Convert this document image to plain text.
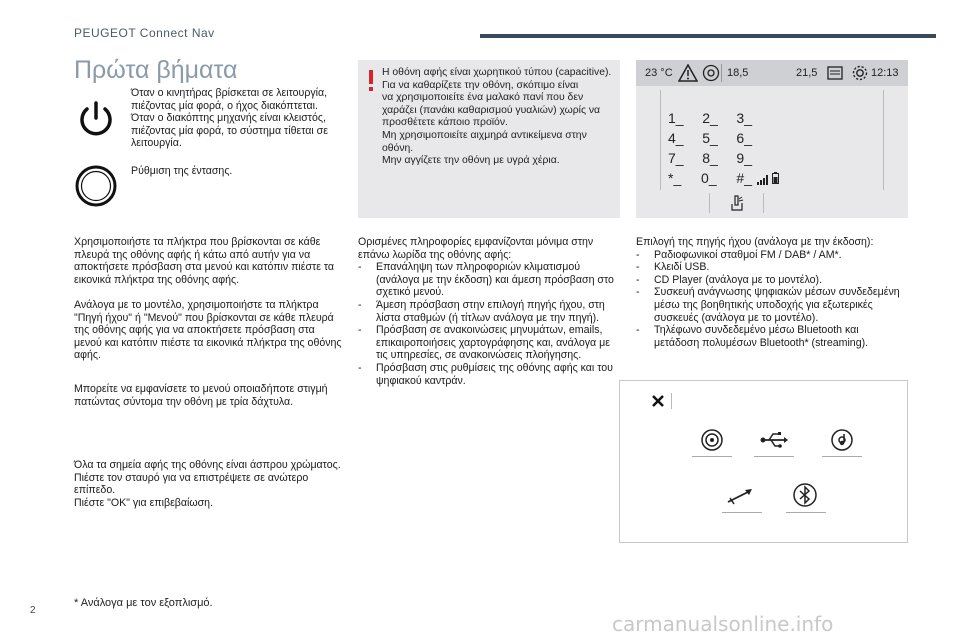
PEUGEOT Connect Nav
Πρώτα βήματα

Όταν ο κινητήρας βρίσκεται σε λειτουργία,

πιέζοντας μία φορά, ο ήχος διακόπτεται.

Όταν ο διακόπτης μηχανής είναι κλειστός,

πιέζοντας μία φορά, το σύστημα τίθεται σε

λειτουργία.

Ρύθμιση της έντασης.

Χρησιμοποιήστε τα πλήκτρα που βρίσκονται σε κάθε

πλευρά της οθόνης αφής ή κάτω από αυτήν για να

αποκτήσετε πρόσβαση στα μενού και κατόπιν πιέστε τα

εικονικά πλήκτρα της οθόνης αφής.

Ανάλογα με το μοντέλο, χρησιμοποιήστε τα πλήκτρα

"Πηγή ήχου" ή "Μενού" που βρίσκονται σε κάθε πλευρά

της οθόνης αφής για να αποκτήσετε πρόσβαση στα

μενού και κατόπιν πιέστε τα εικονικά πλήκτρα της οθόνης

αφής.

Μπορείτε να εμφανίσετε το μενού οποιαδήποτε στιγμή

πατώντας σύντομα την οθόνη με τρία δάχτυλα.

Όλα τα σημεία αφής της οθόνης είναι άσπρου χρώματος.

Πιέστε τον σταυρό για να επιστρέψετε σε ανώτερο

επίπεδο.

Πιέστε "OK" για επιβεβαίωση.

Η οθόνη αφής είναι χωρητικού τύπου (capacitive).

Για να καθαρίζετε την οθόνη, σκόπιμο είναι

να χρησιμοποιείτε ένα μαλακό πανί που δεν

χαράζει (πανάκι καθαρισμού γυαλιών) χωρίς να

προσθέτετε κάποιο προϊόν.

Μη χρησιμοποιείτε αιχμηρά αντικείμενα στην

οθόνη.

Μην αγγίζετε την οθόνη με υγρά χέρια.

Ορισμένες πληροφορίες εμφανίζονται μόνιμα στην

επάνω λωρίδα της οθόνης αφής:

- Επανάληψη των πληροφοριών κλιματισμού
(ανάλογα με την έκδοση) και άμεση πρόσβαση στο
σχετικό μενού.
- Άμεση πρόσβαση στην επιλογή πηγής ήχου, στη
λίστα σταθμών (ή τίτλων ανάλογα με την πηγή).
- Πρόσβαση σε ανακοινώσεις μηνυμάτων, emails,
επικαιροποιήσεις χαρτογράφησης και, ανάλογα με
τις υπηρεσίες, σε ανακοινώσεις πλοήγησης.
- Πρόσβαση στις ρυθμίσεις της οθόνης αφής και του
ψηφιακού καντράν.
23 °C	18,5	21,5	12:13
1_ 2_ 3_
4_ 5_ 6_
7_ 8_ 9_
*_ 0_ #_

Επιλογή της πηγής ήχου (ανάλογα με την έκδοση):

- Ραδιοφωνικοί σταθμοί FM / DAB* / AM*.
- Κλειδί USB.
- CD Player (ανάλογα με το μοντέλο).
- Συσκευή ανάγνωσης ψηφιακών μέσων συνδεδεμένη
μέσω της βοηθητικής υποδοχής για εξωτερικές
συσκευές (ανάλογα με το μοντέλο).
- Τηλέφωνο συνδεδεμένο μέσω Bluetooth και
μετάδοση πολυμέσων Bluetooth* (streaming).
* Ανάλογα με τον εξοπλισμό.
2
carmanualsonline.info
